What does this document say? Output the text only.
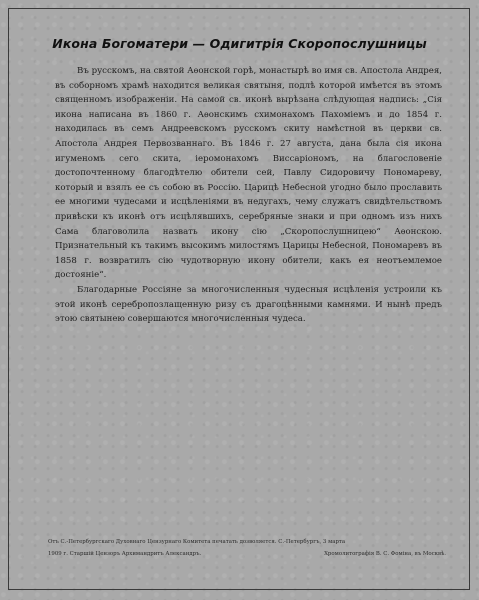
Икона Богоматери — Одигитрія Скоропослушницы

Въ русскомъ, на святой Аѳонской горѣ, монастырѣ во имя св. Апостола Андрея, въ соборномъ храмѣ находится великая святыня, подлѣ которой имѣется въ этомъ священномъ изображеніи. На самой св. иконѣ вырѣзана слѣдующая надпись: „Сія икона написана въ 1860 г. Аѳонскимъ схимонахомъ Пахоміемъ и до 1854 г. находилась въ семъ Андреевскомъ русскомъ скиту намѣстной въ церкви св. Апостола Андрея Первозваннаго. Въ 1846 г. 27 августа, дана была сія икона игуменомъ сего скита, іеромонахомъ Виссаріономъ, на благословеніе достопочтенному благодѣтелю обители сей, Павлу Сидоровичу Пономареву, который и взялъ ее съ собою въ Россію. Царицѣ Небесной угодно было прославить ее многими чудесами и исцѣленіями въ недугахъ, чему служатъ свидѣтельствомъ привѣски къ иконѣ отъ исцѣлявшихъ, серебряные знаки и при одномъ изъ нихъ Сама благоволила назвать икону сію „Скоропослушницею“ Аѳонскою. Признательный къ такимъ высокимъ милостямъ Царицы Небесной, Пономаревъ въ 1858 г. возвратилъ сію чудотворную икону обители, какъ ея неотъемлемое достояніе“.

Благодарные Россіяне за многочисленныя чудесныя исцѣленія устроили къ этой иконѣ серебропозлащенную ризу съ драгоцѣнными камнями. И нынѣ предъ этою святынею совершаются многочисленныя чудеса.

Отъ С.-Петербургскаго Духовнаго Цензурнаго Комитета печатать дозволяется. С.-Петербургъ, 3 марта
1909 г. Старшій Цензоръ Архимандритъ Александръ.	Хромолитографія В. С. Фоміна, въ Москвѣ.
